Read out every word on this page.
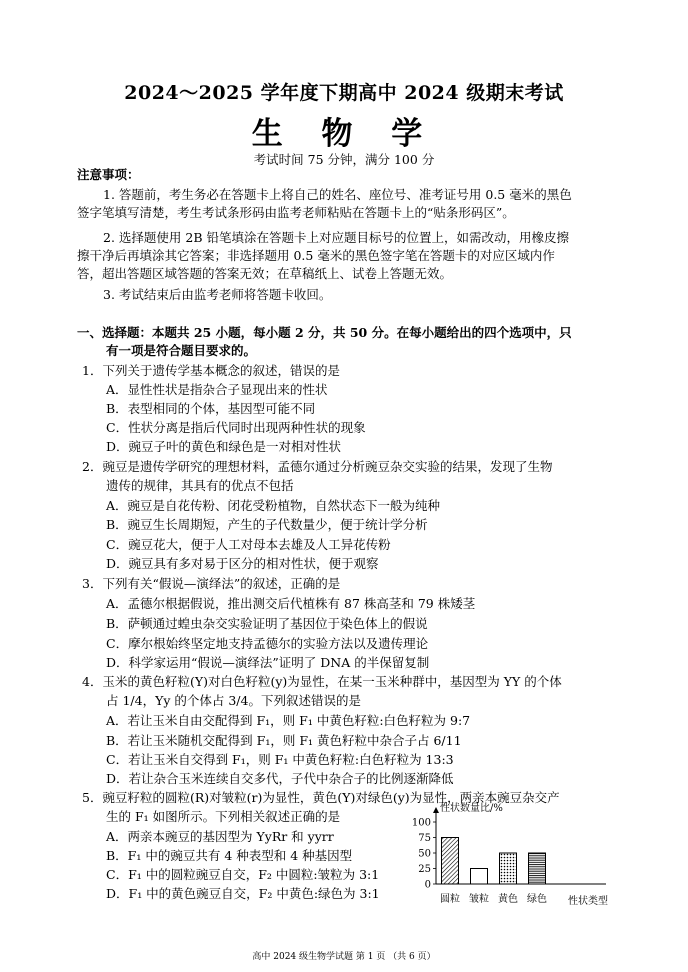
2024～2025 学年度下期高中 2024 级期末考试
生 物 学
考试时间 75 分钟，满分 100 分
注意事项：
1. 答题前，考生务必在答题卡上将自己的姓名、座位号、准考证号用 0.5 毫米的黑色
签字笔填写清楚，考生考试条形码由监考老师粘贴在答题卡上的“贴条形码区”。
2. 选择题使用 2B 铅笔填涂在答题卡上对应题目标号的位置上，如需改动，用橡皮擦
擦干净后再填涂其它答案；非选择题用 0.5 毫米的黑色签字笔在答题卡的对应区域内作
答，超出答题区域答题的答案无效；在草稿纸上、试卷上答题无效。
3. 考试结束后由监考老师将答题卡收回。
一、选择题：本题共 25 小题，每小题 2 分，共 50 分。在每小题给出的四个选项中，只
有一项是符合题目要求的。
1．下列关于遗传学基本概念的叙述，错误的是
A．显性性状是指杂合子显现出来的性状
B．表型相同的个体，基因型可能不同
C．性状分离是指后代同时出现两种性状的现象
D．豌豆子叶的黄色和绿色是一对相对性状
2．豌豆是遗传学研究的理想材料，孟德尔通过分析豌豆杂交实验的结果，发现了生物
遗传的规律，其具有的优点不包括
A．豌豆是自花传粉、闭花受粉植物，自然状态下一般为纯种
B．豌豆生长周期短，产生的子代数量少，便于统计学分析
C．豌豆花大，便于人工对母本去雄及人工异花传粉
D．豌豆具有多对易于区分的相对性状，便于观察
3．下列有关“假说—演绎法”的叙述，正确的是
A．孟德尔根据假说，推出测交后代植株有 87 株高茎和 79 株矮茎
B．萨顿通过蝗虫杂交实验证明了基因位于染色体上的假说
C．摩尔根始终坚定地支持孟德尔的实验方法以及遗传理论
D．科学家运用“假说—演绎法”证明了 DNA 的半保留复制
4．玉米的黄色籽粒(Y)对白色籽粒(y)为显性，在某一玉米种群中，基因型为 YY 的个体
占 1/4，Yy 的个体占 3/4。下列叙述错误的是
A．若让玉米自由交配得到 F₁，则 F₁ 中黄色籽粒:白色籽粒为 9:7
B．若让玉米随机交配得到 F₁，则 F₁ 黄色籽粒中杂合子占 6/11
C．若让玉米自交得到 F₁，则 F₁ 中黄色籽粒:白色籽粒为 13:3
D．若让杂合玉米连续自交多代，子代中杂合子的比例逐渐降低
5．豌豆籽粒的圆粒(R)对皱粒(r)为显性，黄色(Y)对绿色(y)为显性，两亲本豌豆杂交产
生的 F₁ 如图所示。下列相关叙述正确的是
A．两亲本豌豆的基因型为 YyRr 和 yyrr
B．F₁ 中的豌豆共有 4 种表型和 4 种基因型
C．F₁ 中的圆粒豌豆自交，F₂ 中圆粒:皱粒为 3:1
D．F₁ 中的黄色豌豆自交，F₂ 中黄色:绿色为 3:1
0
25
50
75
100
性状数量比/%
性状类型
圆粒 皱粒 黄色 绿色
高中 2024 级生物学试题 第 1 页 （共 6 页）
